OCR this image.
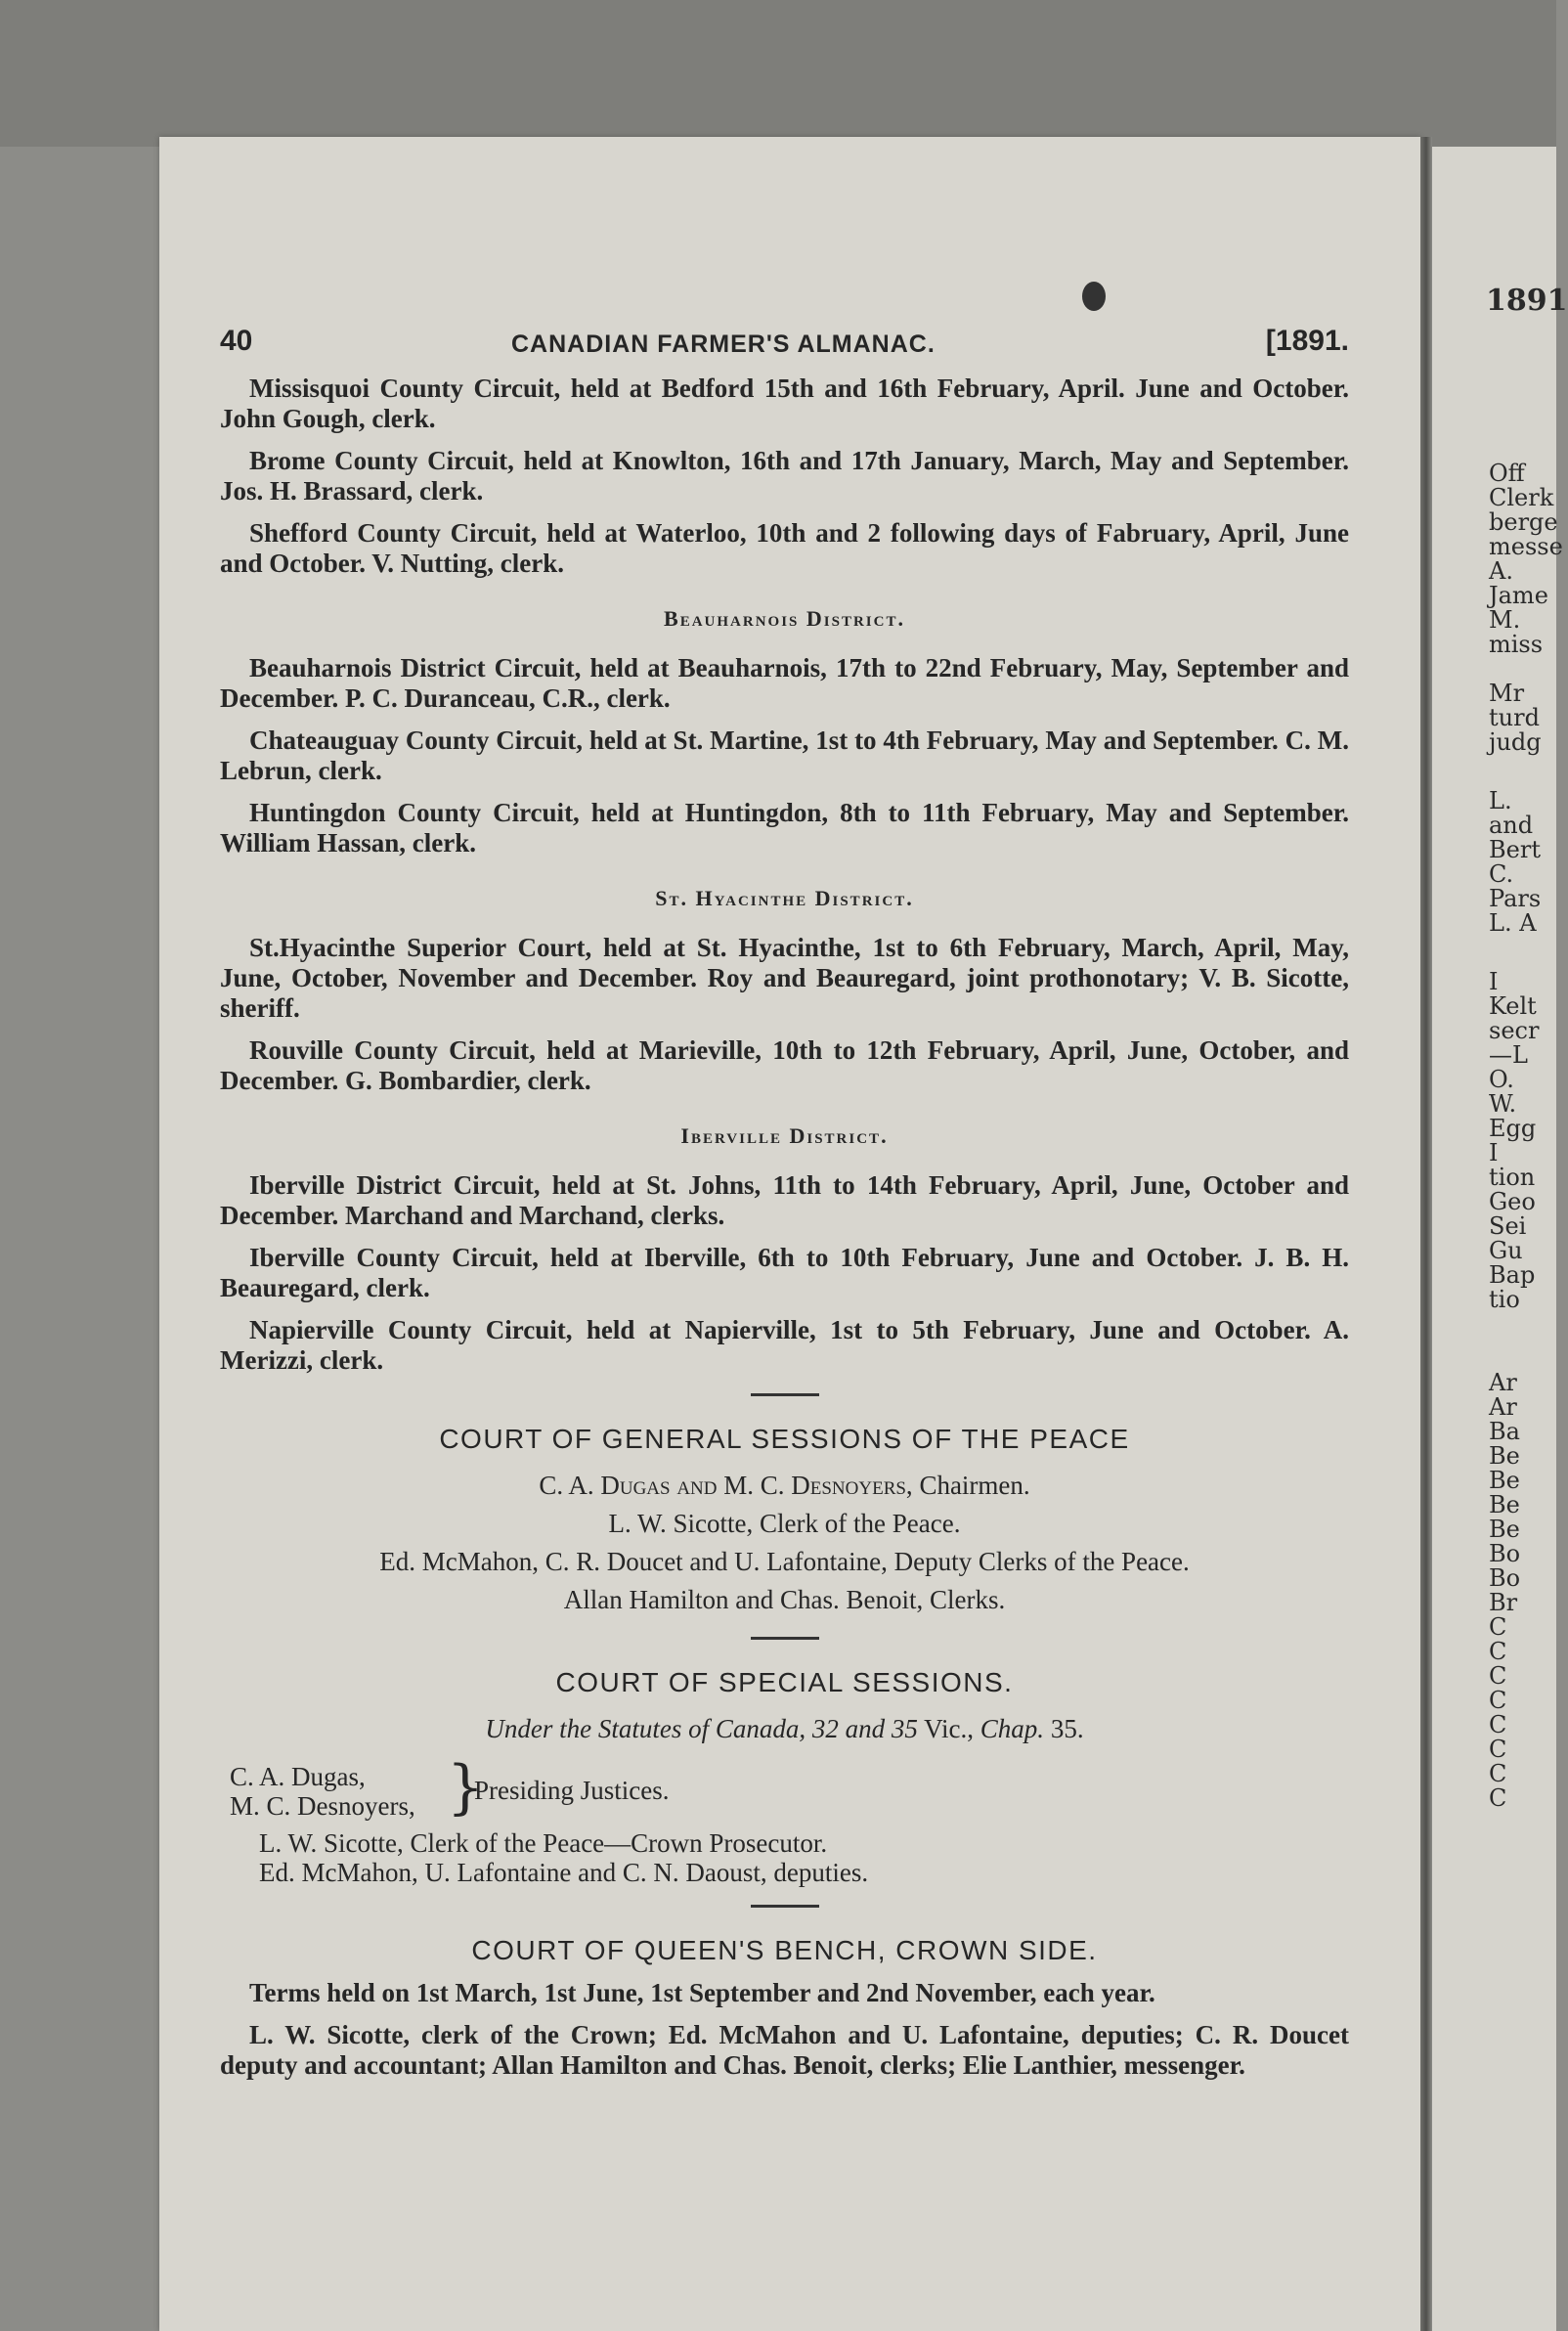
1891
Off
Clerk
berge
messe
A.
Jame
M.
miss
Mr
turd
judg
L.
and
Bert
C.
Pars
L. A
I
Kelt
secr
—L
O.
W.
Egg
I
tion
Geo
Sei
Gu
Bap
tio
Ar
Ar
Ba
Be
Be
Be
Be
Bo
Bo
Br
C
C
C
C
C
C
C
C
40	CANADIAN FARMER'S ALMANAC.	[1891.

Missisquoi County Circuit, held at Bedford 15th and 16th February, April. June and October. John Gough, clerk.

Brome County Circuit, held at Knowlton, 16th and 17th January, March, May and September. Jos. H. Brassard, clerk.

Shefford County Circuit, held at Waterloo, 10th and 2 following days of Fabruary, April, June and October. V. Nutting, clerk.

Beauharnois District.

Beauharnois District Circuit, held at Beauharnois, 17th to 22nd February, May, September and December. P. C. Duranceau, C.R., clerk.

Chateauguay County Circuit, held at St. Martine, 1st to 4th February, May and September. C. M. Lebrun, clerk.

Huntingdon County Circuit, held at Huntingdon, 8th to 11th February, May and September. William Hassan, clerk.

St. Hyacinthe District.

St.Hyacinthe Superior Court, held at St. Hyacinthe, 1st to 6th February, March, April, May, June, October, November and December. Roy and Beauregard, joint prothonotary; V. B. Sicotte, sheriff.

Rouville County Circuit, held at Marieville, 10th to 12th February, April, June, October, and December. G. Bombardier, clerk.

Iberville District.

Iberville District Circuit, held at St. Johns, 11th to 14th February, April, June, October and December. Marchand and Marchand, clerks.

Iberville County Circuit, held at Iberville, 6th to 10th February, June and October. J. B. H. Beauregard, clerk.

Napierville County Circuit, held at Napierville, 1st to 5th February, June and October. A. Merizzi, clerk.

COURT OF GENERAL SESSIONS OF THE PEACE
C. A. Dugas and M. C. Desnoyers, Chairmen.
L. W. Sicotte, Clerk of the Peace.
Ed. McMahon, C. R. Doucet and U. Lafontaine, Deputy Clerks of the Peace.
Allan Hamilton and Chas. Benoit, Clerks.
COURT OF SPECIAL SESSIONS.
Under the Statutes of Canada, 32 and 35 Vic., Chap. 35.
C. A. Dugas,
M. C. Desnoyers, }
Presiding Justices.
L. W. Sicotte, Clerk of the Peace—Crown Prosecutor.
Ed. McMahon, U. Lafontaine and C. N. Daoust, deputies.
COURT OF QUEEN'S BENCH, CROWN SIDE.

Terms held on 1st March, 1st June, 1st September and 2nd November, each year.

L. W. Sicotte, clerk of the Crown; Ed. McMahon and U. Lafontaine, deputies; C. R. Doucet deputy and accountant; Allan Hamilton and Chas. Benoit, clerks; Elie Lanthier, messenger.
